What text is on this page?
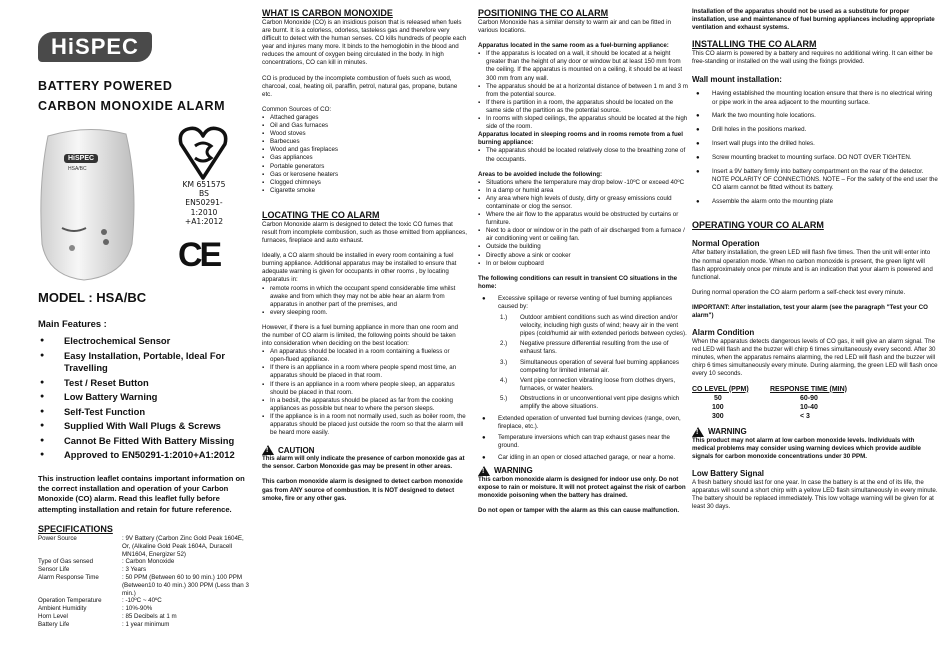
HiSPEC
BATTERY POWERED
CARBON MONOXIDE ALARM
HiSPEC
HSA/BC
KM 651575
BS
EN50291-1:2010
+A1:2012
CE
MODEL : HSA/BC
Main Features :
● Electrochemical Sensor
● Easy Installation, Portable, Ideal For Travelling
● Test / Reset Button
● Low Battery Warning
● Self-Test Function
● Supplied With Wall Plugs & Screws
● Cannot Be Fitted With Battery Missing
● Approved to EN50291-1:2010+A1:2012
This instruction leaflet contains important information on the correct installation and operation of your Carbon Monoxide (CO) alarm. Read this leaflet fully before attempting installation and retain for future reference.
SPECIFICATIONS
Power Source	: 9V Battery (Carbon Zinc Gold Peak 1604E, Or, (Alkaline Gold Peak 1604A, Duracell MN1604, Energizer 52)
Type of Gas sensed	: Carbon Monoxide
Sensor Life	: 3 Years
Alarm Response Time	: 50 PPM (Between 60 to 90 min.) 100 PPM (Between10 to 40 min.) 300 PPM (Less than 3 min.)
Operation Temperature	: -10ºC ~ 40ºC
Ambient Humidity	: 10%-90%
Horn Level	: 85 Decibels at 1 m
Battery Life	: 1 year minimum
WHAT IS CARBON MONOXIDE

Carbon Monoxide (CO) is an insidious poison that is released when fuels are burnt. It is a colorless, odorless, tasteless gas and therefore very difficult to detect with the human senses. CO kills hundreds of people each year and injures many more. It binds to the hemoglobin in the blood and reduces the amount of oxygen being circulated in the body. In high concentrations, CO can kill in minutes.

CO is produced by the incomplete combustion of fuels such as wood, charcoal, coal, heating oil, paraffin, petrol, natural gas, propane, butane etc.

Common Sources of CO:

▪ Attached garages
▪ Oil and Gas furnaces
▪ Wood stoves
▪ Barbecues
▪ Wood and gas fireplaces
▪ Gas appliances
▪ Portable generators
▪ Gas or kerosene heaters
▪ Clogged chimneys
▪ Cigarette smoke
LOCATING THE CO ALARM

Carbon Monoxide alarm is designed to detect the toxic CO fumes that result from incomplete combustion, such as those emitted from appliances, furnaces, fireplace and auto exhaust.

Ideally, a CO alarm should be installed in every room containing a fuel burning appliance. Additional apparatus may be installed to ensure that adequate warning is given for occupants in other rooms , by locating apparatus in:

▪ remote rooms in which the occupant spend considerable time whilst awake and from which they may not be able hear an alarm from apparatus in another part of the premises, and
▪ every sleeping room.

However, if there is a fuel burning appliance in more than one room and the number of CO alarm is limited, the following points should be taken into consideration when deciding on the best location:

▪ An apparatus should be located in a room containing a flueless or open-flued appliance.
▪ If there is an appliance in a room where people spend most time, an apparatus should be placed in that room.
▪ If there is an appliance in a room where people sleep, an apparatus should be placed in that room.
▪ In a bedsit, the apparatus should be placed as far from the cooking appliances as possible but near to where the person sleeps.
▪ If the appliance is in a room not normally used, such as boiler room, the apparatus should be placed just outside the room so that the alarm will be heard more easily.
! CAUTION

This alarm will only indicate the presence of carbon monoxide gas at the sensor. Carbon Monoxide gas may be present in other areas.

This carbon monoxide alarm is designed to detect carbon monoxide gas from ANY source of combustion. It is NOT designed to detect smoke, fire or any other gas.

POSITIONING THE CO ALARM

Carbon Monoxide has a similar density to warm air and can be fitted in various locations.

Apparatus located in the same room as a fuel-burning appliance:

▪ If the apparatus is located on a wall, it should be located at a height greater than the height of any door or window but at least 150 mm from the ceiling. If the apparatus is mounted on a ceiling, it should be at least 300 mm from any wall.
▪ The apparatus should be at a horizontal distance of between 1 m and 3 m from the potential source.
▪ If there is partition in a room, the apparatus should be located on the same side of the partition as the potential source.
▪ In rooms with sloped ceilings, the apparatus should be located at the high side of the room.

Apparatus located in sleeping rooms and in rooms remote from a fuel burning appliance:

▪ The apparatus should be located relatively close to the breathing zone of the occupants.

Areas to be avoided include the following:

▪ Situations where the temperature may drop below -10ºC or exceed 40ºC
▪ In a damp or humid area
▪ Any area where high levels of dusty, dirty or greasy emissions could contaminate or clog the sensor.
▪ Where the air flow to the apparatus would be obstructed by curtains or furniture.
▪ Next to a door or window or in the path of air discharged from a furnace / air conditioning vent or ceiling fan.
▪ Outside the building
▪ Directly above a sink or cooker
▪ In or below cupboard

The following conditions can result in transient CO situations in the home:

● Excessive spillage or reverse venting of fuel burning appliances caused by:
1.)	Outdoor ambient conditions such as wind direction and/or velocity, including high gusts of wind; heavy air in the vent pipes (cold/humid air with extended periods between cycles).
2.)	Negative pressure differential resulting from the use of exhaust fans.
3.)	Simultaneous operation of several fuel burning appliances competing for limited internal air.
4.)	Vent pipe connection vibrating loose from clothes dryers, furnaces, or water heaters.
5.)	Obstructions in or unconventional vent pipe designs which amplify the above situations.
● Extended operation of unvented fuel burning devices (range, oven, fireplace, etc.).
● Temperature inversions which can trap exhaust gases near the ground.
● Car idling in an open or closed attached garage, or near a home.
! WARNING

This carbon monoxide alarm is designed for indoor use only. Do not expose to rain or moisture. It will not protect against the risk of carbon monoxide poisoning when the battery has drained.

Do not open or tamper with the alarm as this can cause malfunction.

Installation of the apparatus should not be used as a substitute for proper installation, use and maintenance of fuel burning appliances including appropriate ventilation and exhaust systems.

INSTALLING THE CO ALARM

This CO alarm is powered by a battery and requires no additional wiring. It can either be free-standing or installed on the wall using the fixings provided.

Wall mount installation:

● Having established the mounting location ensure that there is no electrical wiring or pipe work in the area adjacent to the mounting surface.
● Mark the two mounting hole locations.
● Drill holes in the positions marked.
● Insert wall plugs into the drilled holes.
● Screw mounting bracket to mounting surface. DO NOT OVER TIGHTEN.
● Insert a 9V battery firmly into battery compartment on the rear of the detector. NOTE POLARITY OF CONNECTIONS. NOTE – For the safety of the end user the CO alarm cannot be fitted without its battery.
● Assemble the alarm onto the mounting plate
OPERATING YOUR CO ALARM

Normal Operation

After battery installation, the green LED will flash five times. Then the unit will enter into the normal operation mode. When no carbon monoxide is present, the green light will flash approximately once per minute and is an indication that your alarm is powered and functional.

During normal operation the CO alarm perform a self-check test every minute.

IMPORTANT: After installation, test your alarm (see the paragraph "Test your CO alarm")

Alarm Condition

When the apparatus detects dangerous levels of CO gas, it will give an alarm signal. The red LED will flash and the buzzer will chirp 6 times simultaneously every second. After 30 minutes, when the apparatus remains alarming, the red LED will flash and the buzzer will chirp 6 times simultaneously every minute. During alarming, the green LED will flash once every 10 seconds.

CO LEVEL (PPM)	RESPONSE TIME (MIN)
50	60-90
100	10-40
300	< 3
! WARNING

This product may not alarm at low carbon monoxide levels. Individuals with medical problems may consider using warning devices which provide audible signals for carbon monoxide concentrations under 30 PPM.

Low Battery Signal

A fresh battery should last for one year. In case the battery is at the end of its life, the apparatus will sound a short chirp with a yellow LED flash simultaneously in every minute. The battery should be replaced immediately. This low voltage warning will be given for at least 30 days.
